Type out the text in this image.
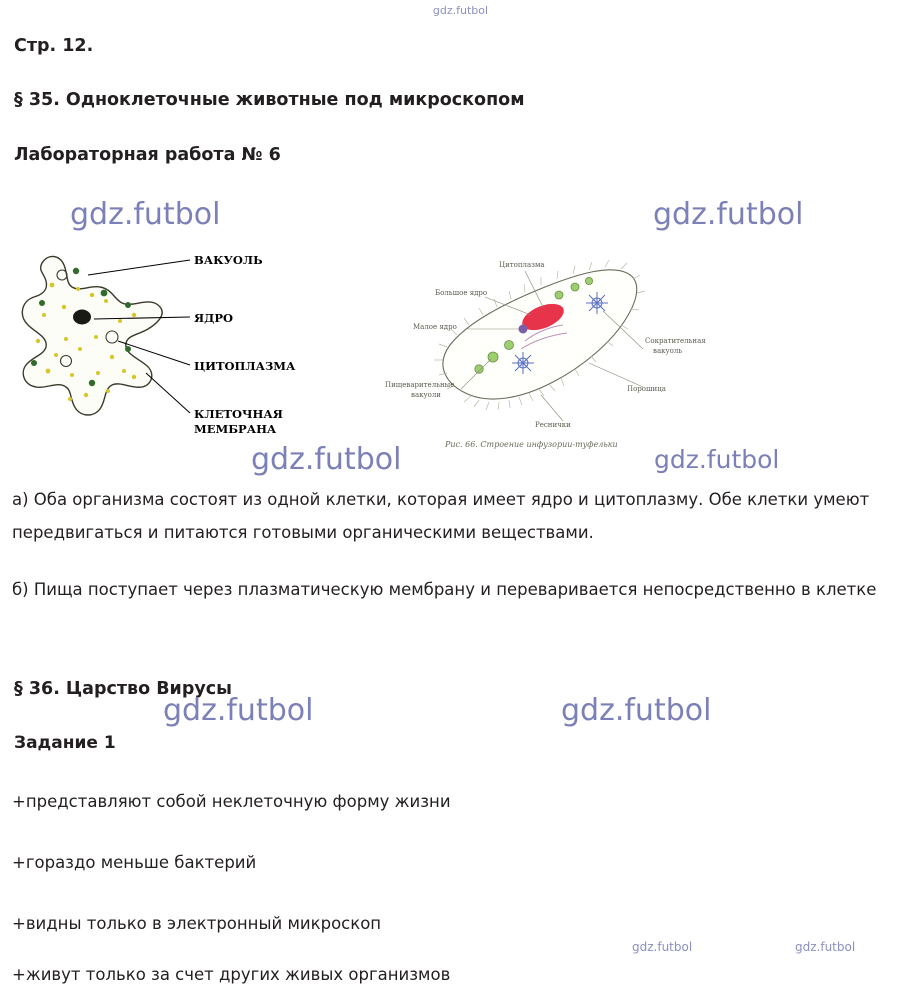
gdz.futbol
Стр. 12.
§ 35. Одноклеточные животные под микроскопом
Лабораторная работа № 6
gdz.futbol	gdz.futbol
ВАКУОЛЬ
ЯДРО
ЦИТОПЛАЗМА
КЛЕТОЧНАЯ
МЕМБРАНА
Цитоплазма
Большое ядро
Малое ядро
Сократительная
вакуоль
Порошица
Пищеварительные
вакуоли
Реснички
Рис. 66. Строение инфузории-туфельки
gdz.futbol	gdz.futbol
а) Оба организма состоят из одной клетки, которая имеет ядро и цитоплазму. Обе клетки умеют передвигаться и питаются готовыми органическими веществами.
б) Пища поступает через плазматическую мембрану и переваривается непосредственно в клетке
§ 36. Царство Вирусы
gdz.futbol	gdz.futbol
Задание 1
+представляют собой неклеточную форму жизни
+гораздо меньше бактерий
+видны только в электронный микроскоп
+живут только за счет других живых организмов
gdz.futbol	gdz.futbol
